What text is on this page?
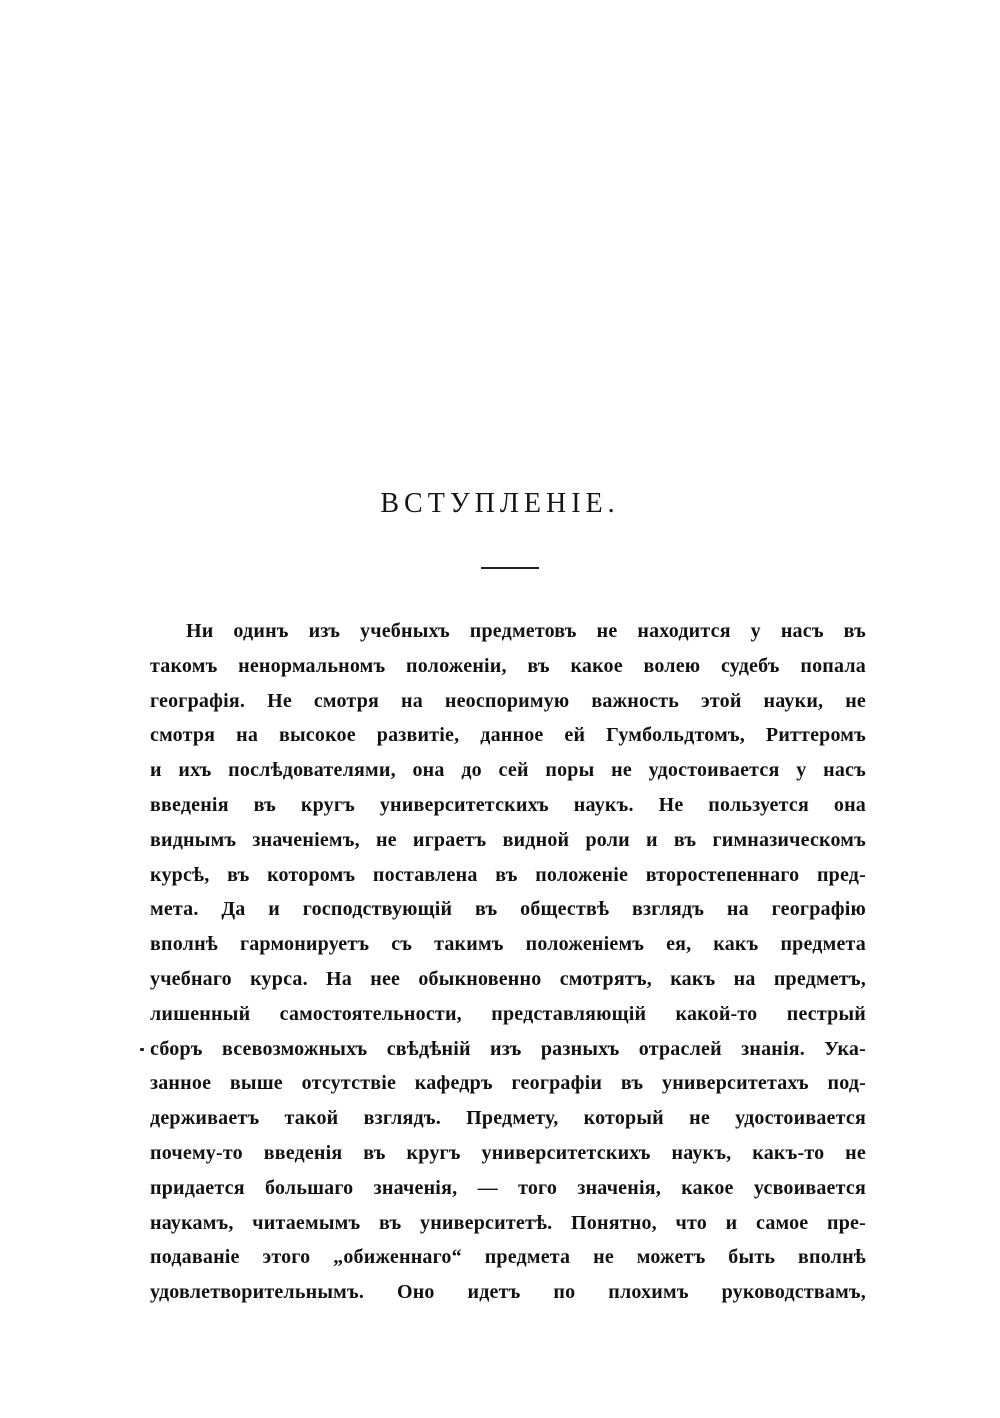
ВСТУПЛЕНІЕ.
Ни одинъ изъ учебныхъ предметовъ не находится у насъ въ
такомъ ненормальномъ положеніи, въ какое волею судебъ попала
географія. Не смотря на неоспоримую важность этой науки, не
смотря на высокое развитіе, данное ей Гумбольдтомъ, Риттеромъ
и ихъ послѣдователями, она до сей поры не удостоивается у насъ
введенія въ кругъ университетскихъ наукъ. Не пользуется она
виднымъ значеніемъ, не играетъ видной роли и въ гимназическомъ
курсѣ, въ которомъ поставлена въ положеніе второстепеннаго пред-
мета. Да и господствующій въ обществѣ взглядъ на географію
вполнѣ гармонируетъ съ такимъ положеніемъ ея, какъ предмета
учебнаго курса. На нее обыкновенно смотрятъ, какъ на предметъ,
лишенный самостоятельности, представляющій какой-то пестрый
сборъ всевозможныхъ свѣдѣній изъ разныхъ отраслей знанія. Ука-
занное выше отсутствіе кафедръ географіи въ университетахъ под-
держиваетъ такой взглядъ. Предмету, который не удостоивается
почему-то введенія въ кругъ университетскихъ наукъ, какъ-то не
придается большаго значенія, — того значенія, какое усвоивается
наукамъ, читаемымъ въ университетѣ. Понятно, что и самое пре-
подаваніе этого „обиженнаго“ предмета не можетъ быть вполнѣ
удовлетворительнымъ. Оно идетъ по плохимъ руководствамъ,
